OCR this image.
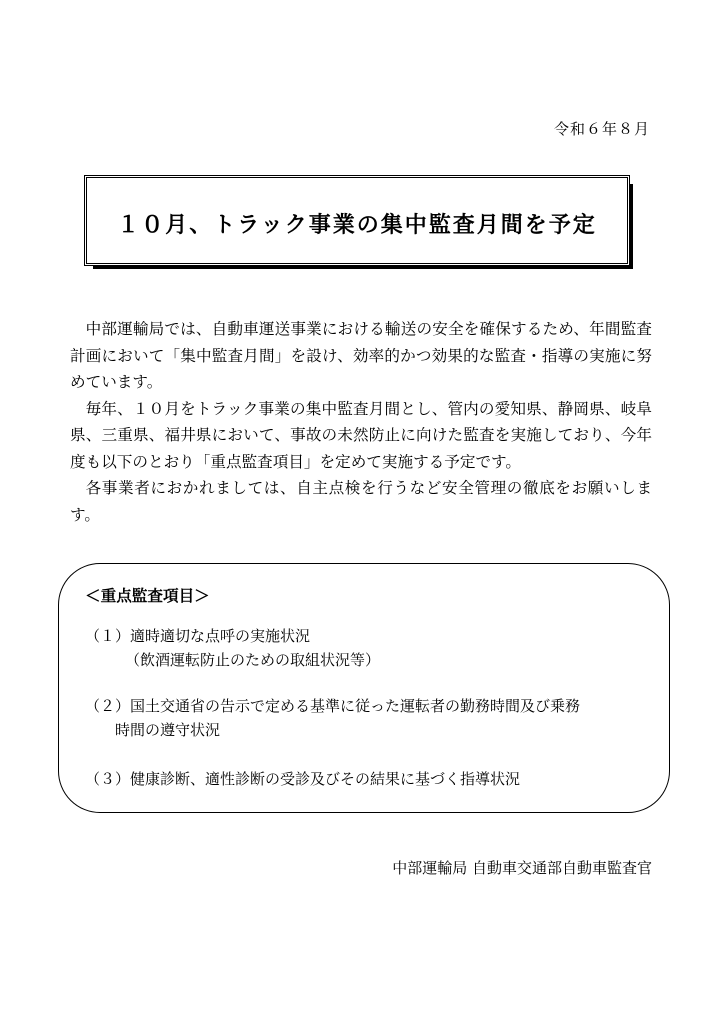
令和６年８月
１０月、トラック事業の集中監査月間を予定

中部運輸局では、自動車運送事業における輸送の安全を確保するため、年間監査計画において「集中監査月間」を設け、効率的かつ効果的な監査・指導の実施に努めています。

毎年、１０月をトラック事業の集中監査月間とし、管内の愛知県、静岡県、岐阜県、三重県、福井県において、事故の未然防止に向けた監査を実施しており、今年度も以下のとおり「重点監査項目」を定めて実施する予定です。

各事業者におかれましては、自主点検を行うなど安全管理の徹底をお願いします。

＜重点監査項目＞
（１）適時適切な点呼の実施状況
（飲酒運転防止のための取組状況等）
（２）国土交通省の告示で定める基準に従った運転者の勤務時間及び乗務
時間の遵守状況
（３）健康診断、適性診断の受診及びその結果に基づく指導状況
中部運輸局 自動車交通部自動車監査官
